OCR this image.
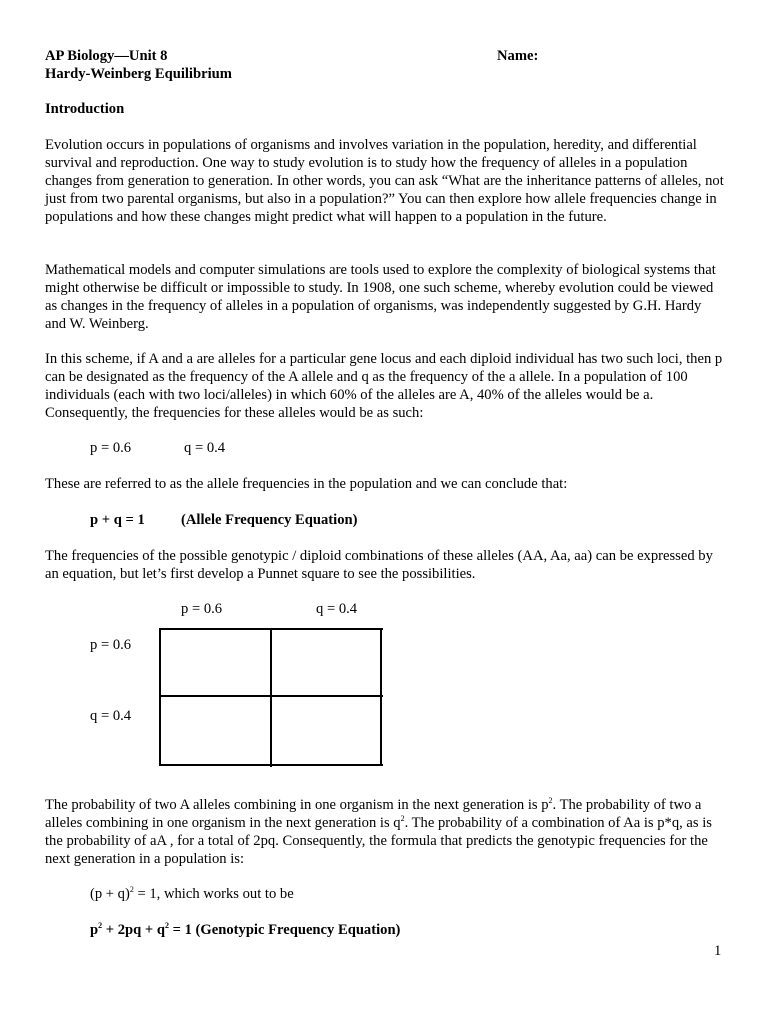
AP Biology—Unit 8	Name:
Hardy-Weinberg Equilibrium
Introduction

Evolution occurs in populations of organisms and involves variation in the population, heredity, and differential survival and reproduction. One way to study evolution is to study how the frequency of alleles in a population changes from generation to generation. In other words, you can ask “What are the inheritance patterns of alleles, not just from two parental organisms, but also in a population?” You can then explore how allele frequencies change in populations and how these changes might predict what will happen to a population in the future.

Mathematical models and computer simulations are tools used to explore the complexity of biological systems that might otherwise be difficult or impossible to study. In 1908, one such scheme, whereby evolution could be viewed as changes in the frequency of alleles in a population of organisms, was independently suggested by G.H. Hardy and W. Weinberg.

In this scheme, if A and a are alleles for a particular gene locus and each diploid individual has two such loci, then p can be designated as the frequency of the A allele and q as the frequency of the a allele. In a population of 100 individuals (each with two loci/alleles) in which 60% of the alleles are A, 40% of the alleles would be a. Consequently, the frequencies for these alleles would be as such:

p = 0.6	q = 0.4

These are referred to as the allele frequencies in the population and we can conclude that:

p + q = 1 (Allele Frequency Equation)

The frequencies of the possible genotypic / diploid combinations of these alleles (AA, Aa, aa) can be expressed by an equation, but let’s first develop a Punnet square to see the possibilities.

p = 0.6	q = 0.4
p = 0.6
q = 0.4

The probability of two A alleles combining in one organism in the next generation is $p^2$. The probability of two a alleles combining in one organism in the next generation is $q^2$. The probability of a combination of Aa is p*q, as is the probability of aA , for a total of 2pq. Consequently, the formula that predicts the genotypic frequencies for the next generation in a population is:

$(p + q)^2 = 1$, which works out to be
$p^2 + 2pq + q^2 = 1$ (Genotypic Frequency Equation)
1
